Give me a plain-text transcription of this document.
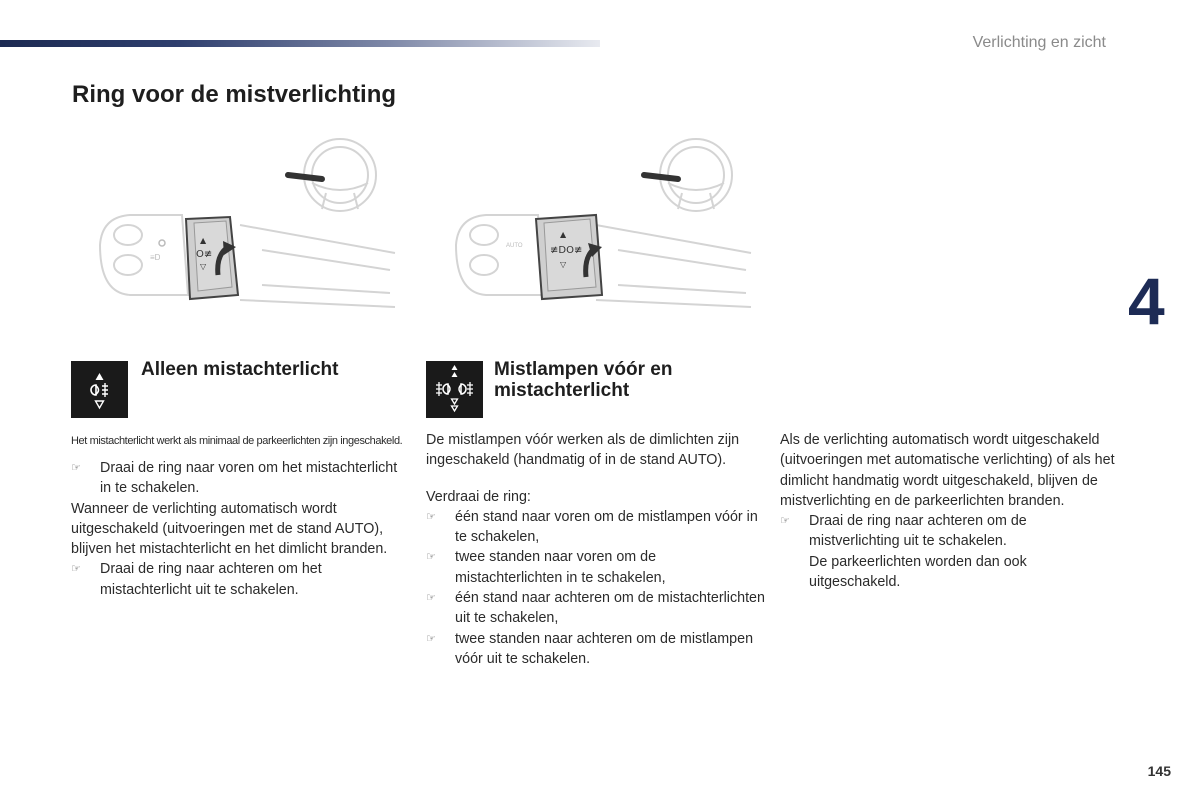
Verlichting en zicht
Ring voor de mistverlichting
4
≡D
▲
O≢
▽
AUTO
▲
≢DO≢
▽
Alleen mistachterlicht	Mistlampen vóór en mistachterlicht
Het mistachterlicht werkt als minimaal de parkeerlichten zijn ingeschakeld.
☞ Draai de ring naar voren om het mistachterlicht in te schakelen.

Wanneer de verlichting automatisch wordt uitgeschakeld (uitvoeringen met de stand AUTO), blijven het mistachterlicht en het dimlicht branden.

☞ Draai de ring naar achteren om het mistachterlicht uit te schakelen.

De mistlampen vóór werken als de dimlichten zijn ingeschakeld (handmatig of in de stand AUTO).

Verdraai de ring:

☞ één stand naar voren om de mistlampen vóór in te schakelen,
☞ twee standen naar voren om de mistachterlichten in te schakelen,
☞ één stand naar achteren om de mistachterlichten uit te schakelen,
☞ twee standen naar achteren om de mistlampen vóór uit te schakelen.

Als de verlichting automatisch wordt uitgeschakeld (uitvoeringen met automatische verlichting) of als het dimlicht handmatig wordt uitgeschakeld, blijven de mistverlichting en de parkeerlichten branden.

☞ Draai de ring naar achteren om de mistverlichting uit te schakelen.
De parkeerlichten worden dan ook uitgeschakeld.
145
